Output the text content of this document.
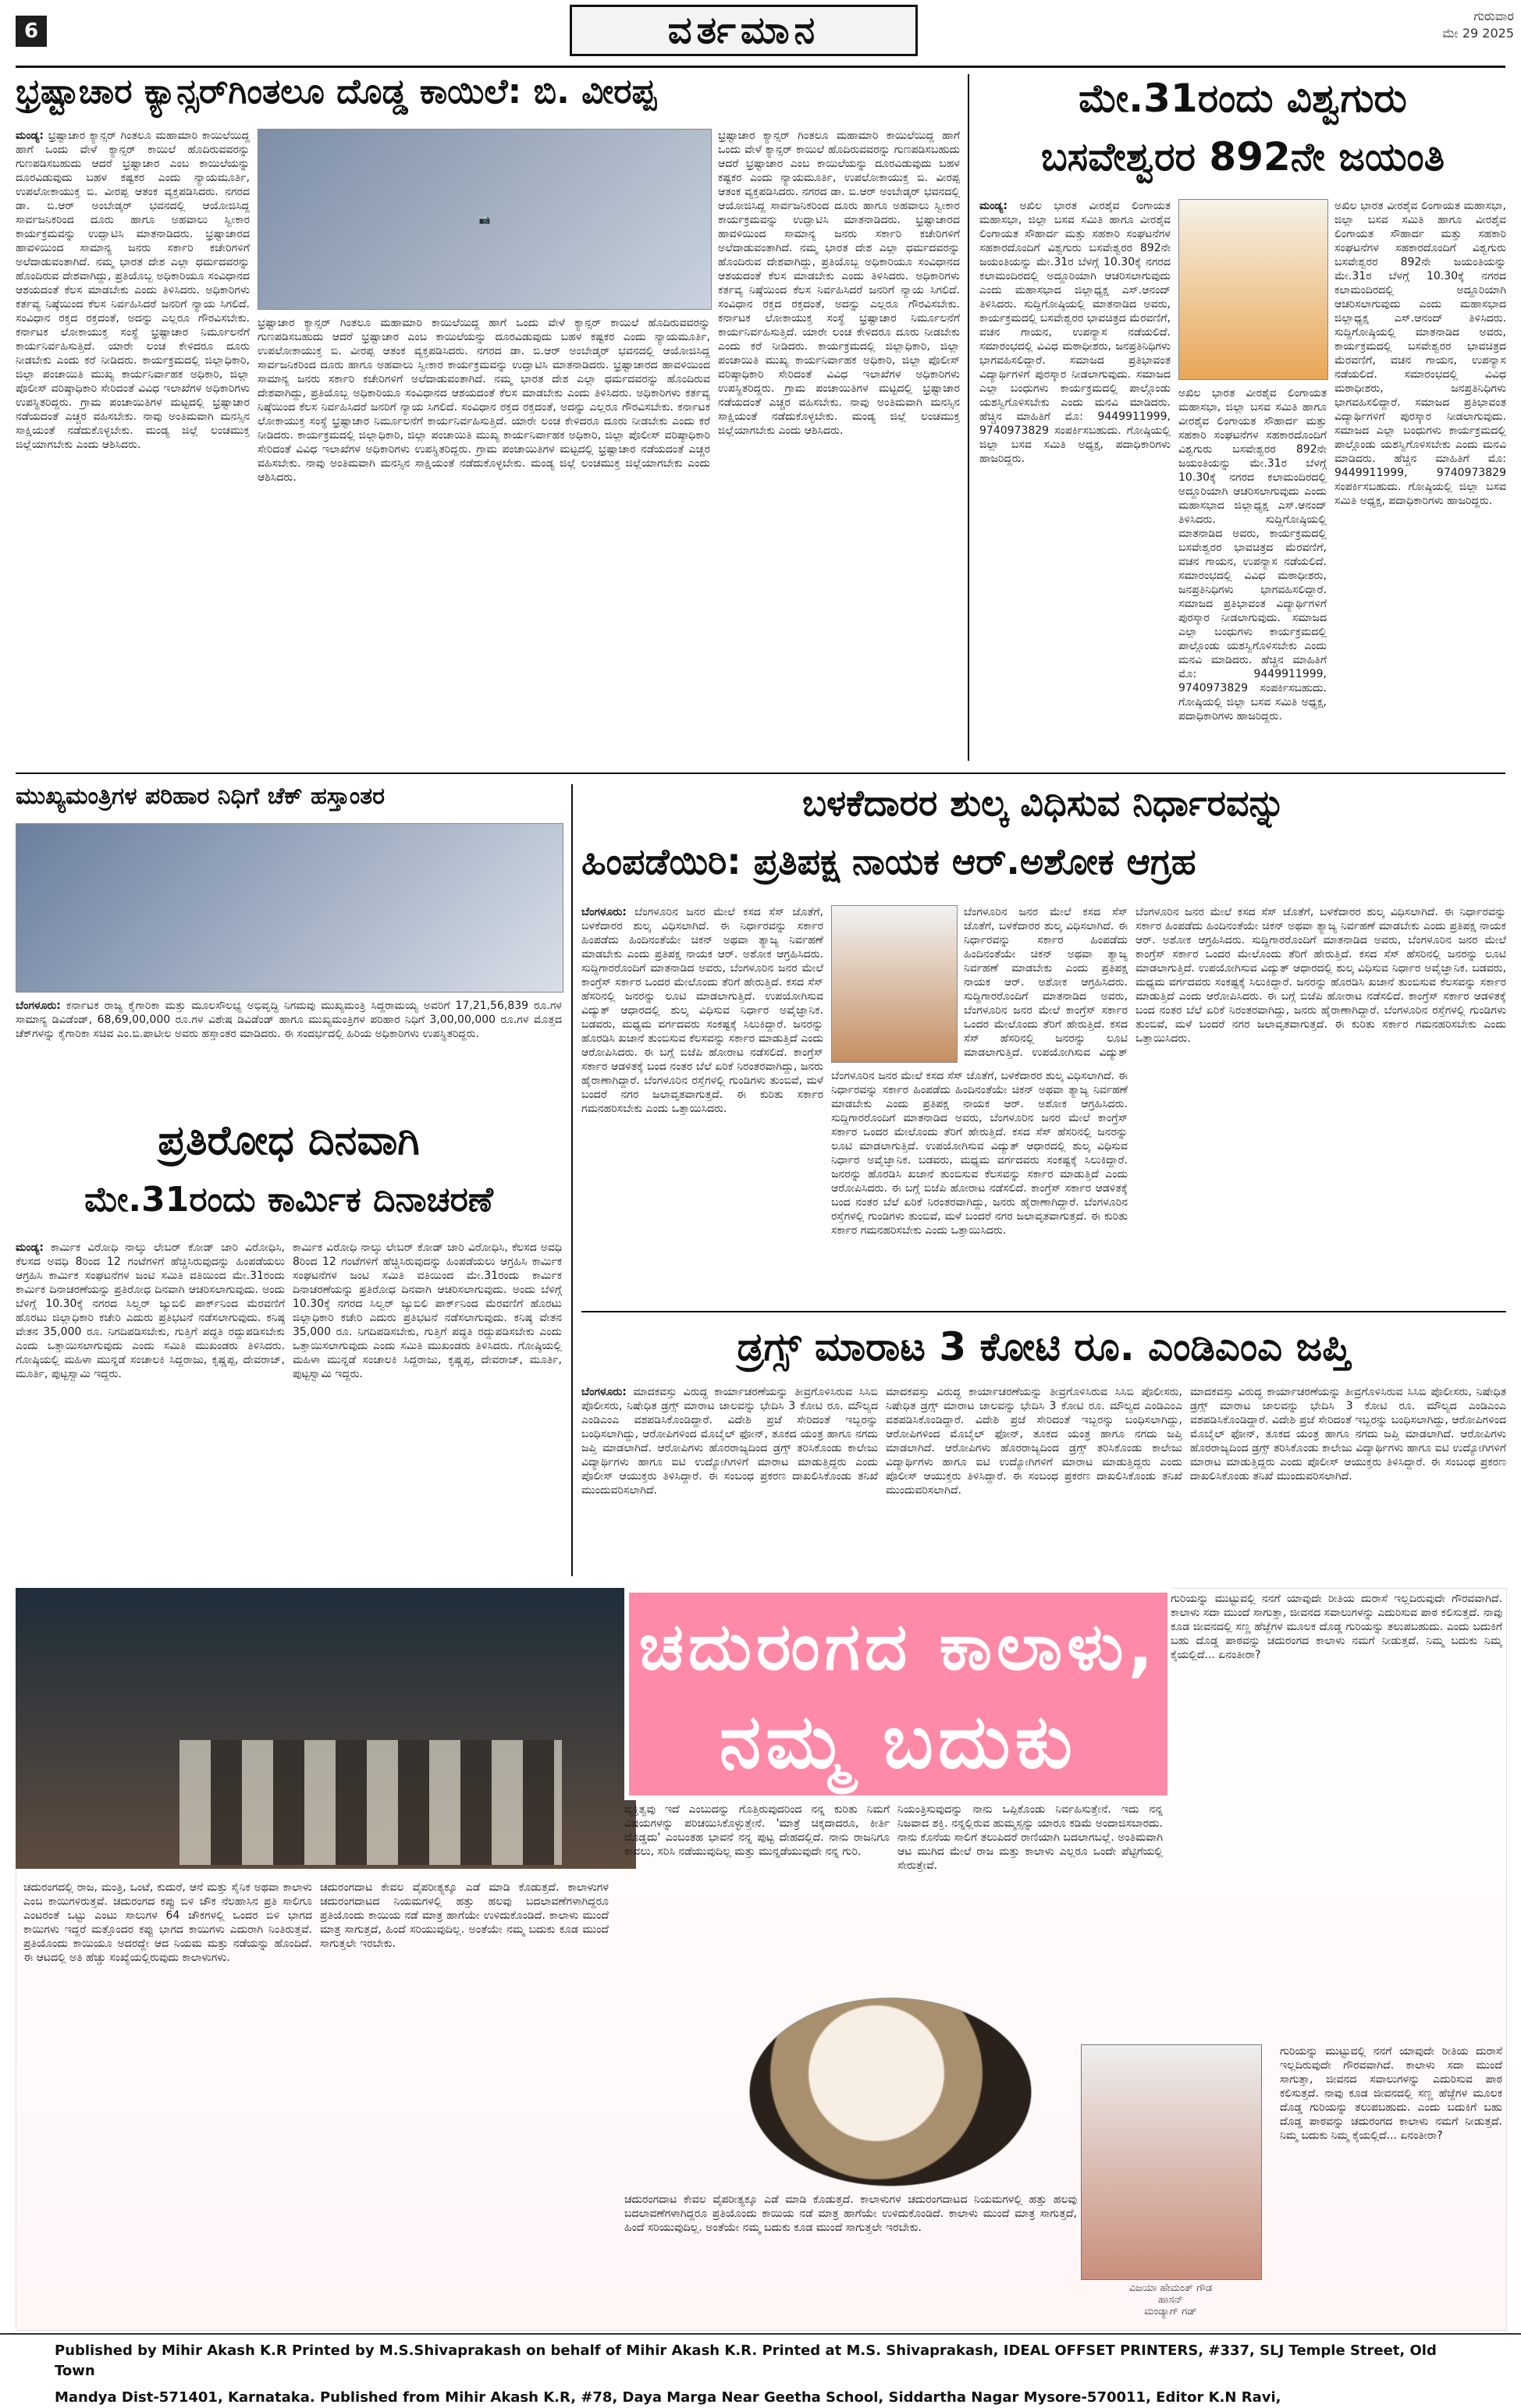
6	ವರ್ತಮಾನ	ಗುರುವಾರ
ಮೇ 29 2025
ಭ್ರಷ್ಟಾಚಾರ ಕ್ಯಾನ್ಸರ್‌ಗಿಂತಲೂ ದೊಡ್ಡ ಕಾಯಿಲೆ: ಬಿ. ವೀರಪ್ಪ
📷
ಮಂಡ್ಯ: ಭ್ರಷ್ಟಾಚಾರ ಕ್ಯಾನ್ಸರ್ ಗಿಂತಲೂ ಮಹಾಮಾರಿ ಕಾಯಿಲೆಯಿದ್ದ ಹಾಗೆ ಒಂದು ವೇಳೆ ಕ್ಯಾನ್ಸರ್ ಕಾಯಿಲೆ ಹೊದಿರುವವರನ್ನು ಗುಣಪಡಿಸಬಹುದು ಆದರೆ ಭ್ರಷ್ಟಾಚಾರ ಎಂಬ ಕಾಯಿಲೆಯನ್ನು ದೂರವಿಡುವುದು ಬಹಳ ಕಷ್ಟಕರ ಎಂದು ನ್ಯಾಯಮೂರ್ತಿ, ಉಪಲೋಕಾಯುಕ್ತ ಬಿ. ವೀರಪ್ಪ ಆತಂಕ ವ್ಯಕ್ತಪಡಿಸಿದರು. ನಗರದ ಡಾ. ಬಿ.ಆರ್ ಅಂಬೇಡ್ಕರ್ ಭವನದಲ್ಲಿ ಆಯೋಜಿಸಿದ್ದ ಸಾರ್ವಜನಿಕರಿಂದ ದೂರು ಹಾಗೂ ಅಹವಾಲು ಸ್ವೀಕಾರ ಕಾರ್ಯಕ್ರಮವನ್ನು ಉದ್ಘಾಟಿಸಿ ಮಾತನಾಡಿದರು. ಭ್ರಷ್ಟಾಚಾರದ ಹಾವಳಿಯಿಂದ ಸಾಮಾನ್ಯ ಜನರು ಸರ್ಕಾರಿ ಕಚೇರಿಗಳಿಗೆ ಅಲೆದಾಡುವಂತಾಗಿದೆ. ನಮ್ಮ ಭಾರತ ದೇಶ ಎಲ್ಲಾ ಧರ್ಮದವರನ್ನು ಹೊಂದಿರುವ ದೇಶವಾಗಿದ್ದು, ಪ್ರತಿಯೊಬ್ಬ ಅಧಿಕಾರಿಯೂ ಸಂವಿಧಾನದ ಆಶಯದಂತೆ ಕೆಲಸ ಮಾಡಬೇಕು ಎಂದು ತಿಳಿಸಿದರು. ಅಧಿಕಾರಿಗಳು ಕರ್ತವ್ಯ ನಿಷ್ಠೆಯಿಂದ ಕೆಲಸ ನಿರ್ವಹಿಸಿದರೆ ಜನರಿಗೆ ನ್ಯಾಯ ಸಿಗಲಿದೆ. ಸಂವಿಧಾನ ರಕ್ತದ ರಕ್ತದಂತೆ, ಅದನ್ನು ಎಲ್ಲರೂ ಗೌರವಿಸಬೇಕು. ಕರ್ನಾಟಕ ಲೋಕಾಯುಕ್ತ ಸಂಸ್ಥೆ ಭ್ರಷ್ಟಾಚಾರ ನಿರ್ಮೂಲನೆಗೆ ಕಾರ್ಯನಿರ್ವಹಿಸುತ್ತಿದೆ. ಯಾರೇ ಲಂಚ ಕೇಳಿದರೂ ದೂರು ನೀಡಬೇಕು ಎಂದು ಕರೆ ನೀಡಿದರು. ಕಾರ್ಯಕ್ರಮದಲ್ಲಿ ಜಿಲ್ಲಾಧಿಕಾರಿ, ಜಿಲ್ಲಾ ಪಂಚಾಯಿತಿ ಮುಖ್ಯ ಕಾರ್ಯನಿರ್ವಾಹಕ ಅಧಿಕಾರಿ, ಜಿಲ್ಲಾ ಪೊಲೀಸ್ ವರಿಷ್ಠಾಧಿಕಾರಿ ಸೇರಿದಂತೆ ವಿವಿಧ ಇಲಾಖೆಗಳ ಅಧಿಕಾರಿಗಳು ಉಪಸ್ಥಿತರಿದ್ದರು. ಗ್ರಾಮ ಪಂಚಾಯಿತಿಗಳ ಮಟ್ಟದಲ್ಲಿ ಭ್ರಷ್ಟಾಚಾರ ನಡೆಯದಂತೆ ಎಚ್ಚರ ವಹಿಸಬೇಕು. ನಾವು ಅಂತಿಮವಾಗಿ ಮನಸ್ಸಿನ ಸಾಕ್ಷಿಯಂತೆ ನಡೆದುಕೊಳ್ಳಬೇಕು. ಮಂಡ್ಯ ಜಿಲ್ಲೆ ಲಂಚಮುಕ್ತ ಜಿಲ್ಲೆಯಾಗಬೇಕು ಎಂದು ಆಶಿಸಿದರು.
ಭ್ರಷ್ಟಾಚಾರ ಕ್ಯಾನ್ಸರ್ ಗಿಂತಲೂ ಮಹಾಮಾರಿ ಕಾಯಿಲೆಯಿದ್ದ ಹಾಗೆ ಒಂದು ವೇಳೆ ಕ್ಯಾನ್ಸರ್ ಕಾಯಿಲೆ ಹೊದಿರುವವರನ್ನು ಗುಣಪಡಿಸಬಹುದು ಆದರೆ ಭ್ರಷ್ಟಾಚಾರ ಎಂಬ ಕಾಯಿಲೆಯನ್ನು ದೂರವಿಡುವುದು ಬಹಳ ಕಷ್ಟಕರ ಎಂದು ನ್ಯಾಯಮೂರ್ತಿ, ಉಪಲೋಕಾಯುಕ್ತ ಬಿ. ವೀರಪ್ಪ ಆತಂಕ ವ್ಯಕ್ತಪಡಿಸಿದರು. ನಗರದ ಡಾ. ಬಿ.ಆರ್ ಅಂಬೇಡ್ಕರ್ ಭವನದಲ್ಲಿ ಆಯೋಜಿಸಿದ್ದ ಸಾರ್ವಜನಿಕರಿಂದ ದೂರು ಹಾಗೂ ಅಹವಾಲು ಸ್ವೀಕಾರ ಕಾರ್ಯಕ್ರಮವನ್ನು ಉದ್ಘಾಟಿಸಿ ಮಾತನಾಡಿದರು. ಭ್ರಷ್ಟಾಚಾರದ ಹಾವಳಿಯಿಂದ ಸಾಮಾನ್ಯ ಜನರು ಸರ್ಕಾರಿ ಕಚೇರಿಗಳಿಗೆ ಅಲೆದಾಡುವಂತಾಗಿದೆ. ನಮ್ಮ ಭಾರತ ದೇಶ ಎಲ್ಲಾ ಧರ್ಮದವರನ್ನು ಹೊಂದಿರುವ ದೇಶವಾಗಿದ್ದು, ಪ್ರತಿಯೊಬ್ಬ ಅಧಿಕಾರಿಯೂ ಸಂವಿಧಾನದ ಆಶಯದಂತೆ ಕೆಲಸ ಮಾಡಬೇಕು ಎಂದು ತಿಳಿಸಿದರು. ಅಧಿಕಾರಿಗಳು ಕರ್ತವ್ಯ ನಿಷ್ಠೆಯಿಂದ ಕೆಲಸ ನಿರ್ವಹಿಸಿದರೆ ಜನರಿಗೆ ನ್ಯಾಯ ಸಿಗಲಿದೆ. ಸಂವಿಧಾನ ರಕ್ತದ ರಕ್ತದಂತೆ, ಅದನ್ನು ಎಲ್ಲರೂ ಗೌರವಿಸಬೇಕು. ಕರ್ನಾಟಕ ಲೋಕಾಯುಕ್ತ ಸಂಸ್ಥೆ ಭ್ರಷ್ಟಾಚಾರ ನಿರ್ಮೂಲನೆಗೆ ಕಾರ್ಯನಿರ್ವಹಿಸುತ್ತಿದೆ. ಯಾರೇ ಲಂಚ ಕೇಳಿದರೂ ದೂರು ನೀಡಬೇಕು ಎಂದು ಕರೆ ನೀಡಿದರು. ಕಾರ್ಯಕ್ರಮದಲ್ಲಿ ಜಿಲ್ಲಾಧಿಕಾರಿ, ಜಿಲ್ಲಾ ಪಂಚಾಯಿತಿ ಮುಖ್ಯ ಕಾರ್ಯನಿರ್ವಾಹಕ ಅಧಿಕಾರಿ, ಜಿಲ್ಲಾ ಪೊಲೀಸ್ ವರಿಷ್ಠಾಧಿಕಾರಿ ಸೇರಿದಂತೆ ವಿವಿಧ ಇಲಾಖೆಗಳ ಅಧಿಕಾರಿಗಳು ಉಪಸ್ಥಿತರಿದ್ದರು. ಗ್ರಾಮ ಪಂಚಾಯಿತಿಗಳ ಮಟ್ಟದಲ್ಲಿ ಭ್ರಷ್ಟಾಚಾರ ನಡೆಯದಂತೆ ಎಚ್ಚರ ವಹಿಸಬೇಕು. ನಾವು ಅಂತಿಮವಾಗಿ ಮನಸ್ಸಿನ ಸಾಕ್ಷಿಯಂತೆ ನಡೆದುಕೊಳ್ಳಬೇಕು. ಮಂಡ್ಯ ಜಿಲ್ಲೆ ಲಂಚಮುಕ್ತ ಜಿಲ್ಲೆಯಾಗಬೇಕು ಎಂದು ಆಶಿಸಿದರು.
ಭ್ರಷ್ಟಾಚಾರ ಕ್ಯಾನ್ಸರ್ ಗಿಂತಲೂ ಮಹಾಮಾರಿ ಕಾಯಿಲೆಯಿದ್ದ ಹಾಗೆ ಒಂದು ವೇಳೆ ಕ್ಯಾನ್ಸರ್ ಕಾಯಿಲೆ ಹೊದಿರುವವರನ್ನು ಗುಣಪಡಿಸಬಹುದು ಆದರೆ ಭ್ರಷ್ಟಾಚಾರ ಎಂಬ ಕಾಯಿಲೆಯನ್ನು ದೂರವಿಡುವುದು ಬಹಳ ಕಷ್ಟಕರ ಎಂದು ನ್ಯಾಯಮೂರ್ತಿ, ಉಪಲೋಕಾಯುಕ್ತ ಬಿ. ವೀರಪ್ಪ ಆತಂಕ ವ್ಯಕ್ತಪಡಿಸಿದರು. ನಗರದ ಡಾ. ಬಿ.ಆರ್ ಅಂಬೇಡ್ಕರ್ ಭವನದಲ್ಲಿ ಆಯೋಜಿಸಿದ್ದ ಸಾರ್ವಜನಿಕರಿಂದ ದೂರು ಹಾಗೂ ಅಹವಾಲು ಸ್ವೀಕಾರ ಕಾರ್ಯಕ್ರಮವನ್ನು ಉದ್ಘಾಟಿಸಿ ಮಾತನಾಡಿದರು. ಭ್ರಷ್ಟಾಚಾರದ ಹಾವಳಿಯಿಂದ ಸಾಮಾನ್ಯ ಜನರು ಸರ್ಕಾರಿ ಕಚೇರಿಗಳಿಗೆ ಅಲೆದಾಡುವಂತಾಗಿದೆ. ನಮ್ಮ ಭಾರತ ದೇಶ ಎಲ್ಲಾ ಧರ್ಮದವರನ್ನು ಹೊಂದಿರುವ ದೇಶವಾಗಿದ್ದು, ಪ್ರತಿಯೊಬ್ಬ ಅಧಿಕಾರಿಯೂ ಸಂವಿಧಾನದ ಆಶಯದಂತೆ ಕೆಲಸ ಮಾಡಬೇಕು ಎಂದು ತಿಳಿಸಿದರು. ಅಧಿಕಾರಿಗಳು ಕರ್ತವ್ಯ ನಿಷ್ಠೆಯಿಂದ ಕೆಲಸ ನಿರ್ವಹಿಸಿದರೆ ಜನರಿಗೆ ನ್ಯಾಯ ಸಿಗಲಿದೆ. ಸಂವಿಧಾನ ರಕ್ತದ ರಕ್ತದಂತೆ, ಅದನ್ನು ಎಲ್ಲರೂ ಗೌರವಿಸಬೇಕು. ಕರ್ನಾಟಕ ಲೋಕಾಯುಕ್ತ ಸಂಸ್ಥೆ ಭ್ರಷ್ಟಾಚಾರ ನಿರ್ಮೂಲನೆಗೆ ಕಾರ್ಯನಿರ್ವಹಿಸುತ್ತಿದೆ. ಯಾರೇ ಲಂಚ ಕೇಳಿದರೂ ದೂರು ನೀಡಬೇಕು ಎಂದು ಕರೆ ನೀಡಿದರು. ಕಾರ್ಯಕ್ರಮದಲ್ಲಿ ಜಿಲ್ಲಾಧಿಕಾರಿ, ಜಿಲ್ಲಾ ಪಂಚಾಯಿತಿ ಮುಖ್ಯ ಕಾರ್ಯನಿರ್ವಾಹಕ ಅಧಿಕಾರಿ, ಜಿಲ್ಲಾ ಪೊಲೀಸ್ ವರಿಷ್ಠಾಧಿಕಾರಿ ಸೇರಿದಂತೆ ವಿವಿಧ ಇಲಾಖೆಗಳ ಅಧಿಕಾರಿಗಳು ಉಪಸ್ಥಿತರಿದ್ದರು. ಗ್ರಾಮ ಪಂಚಾಯಿತಿಗಳ ಮಟ್ಟದಲ್ಲಿ ಭ್ರಷ್ಟಾಚಾರ ನಡೆಯದಂತೆ ಎಚ್ಚರ ವಹಿಸಬೇಕು. ನಾವು ಅಂತಿಮವಾಗಿ ಮನಸ್ಸಿನ ಸಾಕ್ಷಿಯಂತೆ ನಡೆದುಕೊಳ್ಳಬೇಕು. ಮಂಡ್ಯ ಜಿಲ್ಲೆ ಲಂಚಮುಕ್ತ ಜಿಲ್ಲೆಯಾಗಬೇಕು ಎಂದು ಆಶಿಸಿದರು.
ಮೇ.31ರಂದು ವಿಶ್ವಗುರು
ಬಸವೇಶ್ವರರ 892ನೇ ಜಯಂತಿ
ಮಂಡ್ಯ: ಅಖಿಲ ಭಾರತ ವೀರಶೈವ ಲಿಂಗಾಯತ ಮಹಾಸಭಾ, ಜಿಲ್ಲಾ ಬಸವ ಸಮಿತಿ ಹಾಗೂ ವೀರಶೈವ ಲಿಂಗಾಯತ ಸೌಹಾರ್ದ ಮತ್ತು ಸಹಕಾರಿ ಸಂಘಟನೆಗಳ ಸಹಕಾರದೊಂದಿಗೆ ವಿಶ್ವಗುರು ಬಸವೇಶ್ವರರ 892ನೇ ಜಯಂತಿಯನ್ನು ಮೇ.31ರ ಬೆಳಗ್ಗೆ 10.30ಕ್ಕೆ ನಗರದ ಕಲಾಮಂದಿರದಲ್ಲಿ ಅದ್ದೂರಿಯಾಗಿ ಆಚರಿಸಲಾಗುವುದು ಎಂದು ಮಹಾಸಭಾದ ಜಿಲ್ಲಾಧ್ಯಕ್ಷ ಎಸ್.ಆನಂದ್ ತಿಳಿಸಿದರು. ಸುದ್ದಿಗೋಷ್ಠಿಯಲ್ಲಿ ಮಾತನಾಡಿದ ಅವರು, ಕಾರ್ಯಕ್ರಮದಲ್ಲಿ ಬಸವೇಶ್ವರರ ಭಾವಚಿತ್ರದ ಮೆರವಣಿಗೆ, ವಚನ ಗಾಯನ, ಉಪನ್ಯಾಸ ನಡೆಯಲಿದೆ. ಸಮಾರಂಭದಲ್ಲಿ ವಿವಿಧ ಮಠಾಧೀಶರು, ಜನಪ್ರತಿನಿಧಿಗಳು ಭಾಗವಹಿಸಲಿದ್ದಾರೆ. ಸಮಾಜದ ಪ್ರತಿಭಾವಂತ ವಿದ್ಯಾರ್ಥಿಗಳಿಗೆ ಪುರಸ್ಕಾರ ನೀಡಲಾಗುವುದು. ಸಮಾಜದ ಎಲ್ಲಾ ಬಂಧುಗಳು ಕಾರ್ಯಕ್ರಮದಲ್ಲಿ ಪಾಲ್ಗೊಂಡು ಯಶಸ್ವಿಗೊಳಿಸಬೇಕು ಎಂದು ಮನವಿ ಮಾಡಿದರು. ಹೆಚ್ಚಿನ ಮಾಹಿತಿಗೆ ಮೊ: 9449911999, 9740973829 ಸಂಪರ್ಕಿಸಬಹುದು. ಗೋಷ್ಠಿಯಲ್ಲಿ ಜಿಲ್ಲಾ ಬಸವ ಸಮಿತಿ ಅಧ್ಯಕ್ಷ, ಪದಾಧಿಕಾರಿಗಳು ಹಾಜರಿದ್ದರು.
ಅಖಿಲ ಭಾರತ ವೀರಶೈವ ಲಿಂಗಾಯತ ಮಹಾಸಭಾ, ಜಿಲ್ಲಾ ಬಸವ ಸಮಿತಿ ಹಾಗೂ ವೀರಶೈವ ಲಿಂಗಾಯತ ಸೌಹಾರ್ದ ಮತ್ತು ಸಹಕಾರಿ ಸಂಘಟನೆಗಳ ಸಹಕಾರದೊಂದಿಗೆ ವಿಶ್ವಗುರು ಬಸವೇಶ್ವರರ 892ನೇ ಜಯಂತಿಯನ್ನು ಮೇ.31ರ ಬೆಳಗ್ಗೆ 10.30ಕ್ಕೆ ನಗರದ ಕಲಾಮಂದಿರದಲ್ಲಿ ಅದ್ದೂರಿಯಾಗಿ ಆಚರಿಸಲಾಗುವುದು ಎಂದು ಮಹಾಸಭಾದ ಜಿಲ್ಲಾಧ್ಯಕ್ಷ ಎಸ್.ಆನಂದ್ ತಿಳಿಸಿದರು. ಸುದ್ದಿಗೋಷ್ಠಿಯಲ್ಲಿ ಮಾತನಾಡಿದ ಅವರು, ಕಾರ್ಯಕ್ರಮದಲ್ಲಿ ಬಸವೇಶ್ವರರ ಭಾವಚಿತ್ರದ ಮೆರವಣಿಗೆ, ವಚನ ಗಾಯನ, ಉಪನ್ಯಾಸ ನಡೆಯಲಿದೆ. ಸಮಾರಂಭದಲ್ಲಿ ವಿವಿಧ ಮಠಾಧೀಶರು, ಜನಪ್ರತಿನಿಧಿಗಳು ಭಾಗವಹಿಸಲಿದ್ದಾರೆ. ಸಮಾಜದ ಪ್ರತಿಭಾವಂತ ವಿದ್ಯಾರ್ಥಿಗಳಿಗೆ ಪುರಸ್ಕಾರ ನೀಡಲಾಗುವುದು. ಸಮಾಜದ ಎಲ್ಲಾ ಬಂಧುಗಳು ಕಾರ್ಯಕ್ರಮದಲ್ಲಿ ಪಾಲ್ಗೊಂಡು ಯಶಸ್ವಿಗೊಳಿಸಬೇಕು ಎಂದು ಮನವಿ ಮಾಡಿದರು. ಹೆಚ್ಚಿನ ಮಾಹಿತಿಗೆ ಮೊ: 9449911999, 9740973829 ಸಂಪರ್ಕಿಸಬಹುದು. ಗೋಷ್ಠಿಯಲ್ಲಿ ಜಿಲ್ಲಾ ಬಸವ ಸಮಿತಿ ಅಧ್ಯಕ್ಷ, ಪದಾಧಿಕಾರಿಗಳು ಹಾಜರಿದ್ದರು.
ಅಖಿಲ ಭಾರತ ವೀರಶೈವ ಲಿಂಗಾಯತ ಮಹಾಸಭಾ, ಜಿಲ್ಲಾ ಬಸವ ಸಮಿತಿ ಹಾಗೂ ವೀರಶೈವ ಲಿಂಗಾಯತ ಸೌಹಾರ್ದ ಮತ್ತು ಸಹಕಾರಿ ಸಂಘಟನೆಗಳ ಸಹಕಾರದೊಂದಿಗೆ ವಿಶ್ವಗುರು ಬಸವೇಶ್ವರರ 892ನೇ ಜಯಂತಿಯನ್ನು ಮೇ.31ರ ಬೆಳಗ್ಗೆ 10.30ಕ್ಕೆ ನಗರದ ಕಲಾಮಂದಿರದಲ್ಲಿ ಅದ್ದೂರಿಯಾಗಿ ಆಚರಿಸಲಾಗುವುದು ಎಂದು ಮಹಾಸಭಾದ ಜಿಲ್ಲಾಧ್ಯಕ್ಷ ಎಸ್.ಆನಂದ್ ತಿಳಿಸಿದರು. ಸುದ್ದಿಗೋಷ್ಠಿಯಲ್ಲಿ ಮಾತನಾಡಿದ ಅವರು, ಕಾರ್ಯಕ್ರಮದಲ್ಲಿ ಬಸವೇಶ್ವರರ ಭಾವಚಿತ್ರದ ಮೆರವಣಿಗೆ, ವಚನ ಗಾಯನ, ಉಪನ್ಯಾಸ ನಡೆಯಲಿದೆ. ಸಮಾರಂಭದಲ್ಲಿ ವಿವಿಧ ಮಠಾಧೀಶರು, ಜನಪ್ರತಿನಿಧಿಗಳು ಭಾಗವಹಿಸಲಿದ್ದಾರೆ. ಸಮಾಜದ ಪ್ರತಿಭಾವಂತ ವಿದ್ಯಾರ್ಥಿಗಳಿಗೆ ಪುರಸ್ಕಾರ ನೀಡಲಾಗುವುದು. ಸಮಾಜದ ಎಲ್ಲಾ ಬಂಧುಗಳು ಕಾರ್ಯಕ್ರಮದಲ್ಲಿ ಪಾಲ್ಗೊಂಡು ಯಶಸ್ವಿಗೊಳಿಸಬೇಕು ಎಂದು ಮನವಿ ಮಾಡಿದರು. ಹೆಚ್ಚಿನ ಮಾಹಿತಿಗೆ ಮೊ: 9449911999, 9740973829 ಸಂಪರ್ಕಿಸಬಹುದು. ಗೋಷ್ಠಿಯಲ್ಲಿ ಜಿಲ್ಲಾ ಬಸವ ಸಮಿತಿ ಅಧ್ಯಕ್ಷ, ಪದಾಧಿಕಾರಿಗಳು ಹಾಜರಿದ್ದರು.
ಮುಖ್ಯಮಂತ್ರಿಗಳ ಪರಿಹಾರ ನಿಧಿಗೆ ಚೆಕ್ ಹಸ್ತಾಂತರ
ಬೆಂಗಳೂರು: ಕರ್ನಾಟಕ ರಾಜ್ಯ ಕೈಗಾರಿಕಾ ಮತ್ತು ಮೂಲಸೌಲಭ್ಯ ಅಭಿವೃದ್ಧಿ ನಿಗಮವು ಮುಖ್ಯಮಂತ್ರಿ ಸಿದ್ದರಾಮಯ್ಯ ಅವರಿಗೆ 17,21,56,839 ರೂ.ಗಳ ಸಾಮಾನ್ಯ ಡಿವಿಡೆಂಡ್, 68,69,00,000 ರೂ.ಗಳ ವಿಶೇಷ ಡಿವಿಡೆಂಡ್ ಹಾಗೂ ಮುಖ್ಯಮಂತ್ರಿಗಳ ಪರಿಹಾರ ನಿಧಿಗೆ 3,00,00,000 ರೂ.ಗಳ ಮೊತ್ತದ ಚೆಕ್‌ಗಳನ್ನು ಕೈಗಾರಿಕಾ ಸಚಿವ ಎಂ.ಬಿ.ಪಾಟೀಲ ಅವರು ಹಸ್ತಾಂತರ ಮಾಡಿದರು. ಈ ಸಂದರ್ಭದಲ್ಲಿ ಹಿರಿಯ ಅಧಿಕಾರಿಗಳು ಉಪಸ್ಥಿತರಿದ್ದರು.
ಪ್ರತಿರೋಧ ದಿನವಾಗಿ
ಮೇ.31ರಂದು ಕಾರ್ಮಿಕ ದಿನಾಚರಣೆ
ಮಂಡ್ಯ: ಕಾರ್ಮಿಕ ವಿರೋಧಿ ನಾಲ್ಕು ಲೇಬರ್ ಕೋಡ್ ಜಾರಿ ವಿರೋಧಿಸಿ, ಕೆಲಸದ ಅವಧಿ 8ರಿಂದ 12 ಗಂಟೆಗಳಿಗೆ ಹೆಚ್ಚಿಸಿರುವುದನ್ನು ಹಿಂಪಡೆಯಲು ಆಗ್ರಹಿಸಿ ಕಾರ್ಮಿಕ ಸಂಘಟನೆಗಳ ಜಂಟಿ ಸಮಿತಿ ವತಿಯಿಂದ ಮೇ.31ರಂದು ಕಾರ್ಮಿಕ ದಿನಾಚರಣೆಯನ್ನು ಪ್ರತಿರೋಧ ದಿನವಾಗಿ ಆಚರಿಸಲಾಗುವುದು. ಅಂದು ಬೆಳಿಗ್ಗೆ 10.30ಕ್ಕೆ ನಗರದ ಸಿಲ್ವರ್ ಜ್ಯುಬಿಲಿ ಪಾರ್ಕ್‌ನಿಂದ ಮೆರವಣಿಗೆ ಹೊರಟು ಜಿಲ್ಲಾಧಿಕಾರಿ ಕಚೇರಿ ಎದುರು ಪ್ರತಿಭಟನೆ ನಡೆಸಲಾಗುವುದು. ಕನಿಷ್ಠ ವೇತನ 35,000 ರೂ. ನಿಗದಿಪಡಿಸಬೇಕು, ಗುತ್ತಿಗೆ ಪದ್ಧತಿ ರದ್ದುಪಡಿಸಬೇಕು ಎಂದು ಒತ್ತಾಯಿಸಲಾಗುವುದು ಎಂದು ಸಮಿತಿ ಮುಖಂಡರು ತಿಳಿಸಿದರು. ಗೋಷ್ಠಿಯಲ್ಲಿ ಮಹಿಳಾ ಮುನ್ನಡೆ ಸಂಚಾಲಕಿ ಸಿದ್ದರಾಜು, ಕೃಷ್ಣಪ್ಪ, ದೇವರಾಜ್, ಮೂರ್ತಿ, ಪುಟ್ಟಸ್ವಾಮಿ ಇದ್ದರು.
ಕಾರ್ಮಿಕ ವಿರೋಧಿ ನಾಲ್ಕು ಲೇಬರ್ ಕೋಡ್ ಜಾರಿ ವಿರೋಧಿಸಿ, ಕೆಲಸದ ಅವಧಿ 8ರಿಂದ 12 ಗಂಟೆಗಳಿಗೆ ಹೆಚ್ಚಿಸಿರುವುದನ್ನು ಹಿಂಪಡೆಯಲು ಆಗ್ರಹಿಸಿ ಕಾರ್ಮಿಕ ಸಂಘಟನೆಗಳ ಜಂಟಿ ಸಮಿತಿ ವತಿಯಿಂದ ಮೇ.31ರಂದು ಕಾರ್ಮಿಕ ದಿನಾಚರಣೆಯನ್ನು ಪ್ರತಿರೋಧ ದಿನವಾಗಿ ಆಚರಿಸಲಾಗುವುದು. ಅಂದು ಬೆಳಿಗ್ಗೆ 10.30ಕ್ಕೆ ನಗರದ ಸಿಲ್ವರ್ ಜ್ಯುಬಿಲಿ ಪಾರ್ಕ್‌ನಿಂದ ಮೆರವಣಿಗೆ ಹೊರಟು ಜಿಲ್ಲಾಧಿಕಾರಿ ಕಚೇರಿ ಎದುರು ಪ್ರತಿಭಟನೆ ನಡೆಸಲಾಗುವುದು. ಕನಿಷ್ಠ ವೇತನ 35,000 ರೂ. ನಿಗದಿಪಡಿಸಬೇಕು, ಗುತ್ತಿಗೆ ಪದ್ಧತಿ ರದ್ದುಪಡಿಸಬೇಕು ಎಂದು ಒತ್ತಾಯಿಸಲಾಗುವುದು ಎಂದು ಸಮಿತಿ ಮುಖಂಡರು ತಿಳಿಸಿದರು. ಗೋಷ್ಠಿಯಲ್ಲಿ ಮಹಿಳಾ ಮುನ್ನಡೆ ಸಂಚಾಲಕಿ ಸಿದ್ದರಾಜು, ಕೃಷ್ಣಪ್ಪ, ದೇವರಾಜ್, ಮೂರ್ತಿ, ಪುಟ್ಟಸ್ವಾಮಿ ಇದ್ದರು.
ಬಳಕೆದಾರರ ಶುಲ್ಕ ವಿಧಿಸುವ ನಿರ್ಧಾರವನ್ನು
ಹಿಂಪಡೆಯಿರಿ: ಪ್ರತಿಪಕ್ಷ ನಾಯಕ ಆರ್.ಅಶೋಕ ಆಗ್ರಹ
ಬೆಂಗಳೂರು: ಬೆಂಗಳೂರಿನ ಜನರ ಮೇಲೆ ಕಸದ ಸೆಸ್ ಜೊತೆಗೆ, ಬಳಕೆದಾರರ ಶುಲ್ಕ ವಿಧಿಸಲಾಗಿದೆ. ಈ ನಿರ್ಧಾರವನ್ನು ಸರ್ಕಾರ ಹಿಂಪಡೆದು ಹಿಂದಿನಂತೆಯೇ ಚಿಕನ್ ಅಥವಾ ತ್ಯಾಜ್ಯ ನಿರ್ವಹಣೆ ಮಾಡಬೇಕು ಎಂದು ಪ್ರತಿಪಕ್ಷ ನಾಯಕ ಆರ್. ಅಶೋಕ ಆಗ್ರಹಿಸಿದರು. ಸುದ್ದಿಗಾರರೊಂದಿಗೆ ಮಾತನಾಡಿದ ಅವರು, ಬೆಂಗಳೂರಿನ ಜನರ ಮೇಲೆ ಕಾಂಗ್ರೆಸ್ ಸರ್ಕಾರ ಒಂದರ ಮೇಲೊಂದು ತೆರಿಗೆ ಹೇರುತ್ತಿದೆ. ಕಸದ ಸೆಸ್ ಹೆಸರಿನಲ್ಲಿ ಜನರನ್ನು ಲೂಟಿ ಮಾಡಲಾಗುತ್ತಿದೆ. ಉಪಯೋಗಿಸುವ ವಿದ್ಯುತ್ ಆಧಾರದಲ್ಲಿ ಶುಲ್ಕ ವಿಧಿಸುವ ನಿರ್ಧಾರ ಅವೈಜ್ಞಾನಿಕ. ಬಡವರು, ಮಧ್ಯಮ ವರ್ಗದವರು ಸಂಕಷ್ಟಕ್ಕೆ ಸಿಲುಕಿದ್ದಾರೆ. ಜನರನ್ನು ಹೊರಡಿಸಿ ಖಜಾನೆ ತುಂಬಿಸುವ ಕೆಲಸವನ್ನು ಸರ್ಕಾರ ಮಾಡುತ್ತಿದೆ ಎಂದು ಆರೋಪಿಸಿದರು. ಈ ಬಗ್ಗೆ ಬಿಜೆಪಿ ಹೋರಾಟ ನಡೆಸಲಿದೆ. ಕಾಂಗ್ರೆಸ್ ಸರ್ಕಾರ ಆಡಳಿತಕ್ಕೆ ಬಂದ ನಂತರ ಬೆಲೆ ಏರಿಕೆ ನಿರಂತರವಾಗಿದ್ದು, ಜನರು ಹೈರಾಣಾಗಿದ್ದಾರೆ. ಬೆಂಗಳೂರಿನ ರಸ್ತೆಗಳಲ್ಲಿ ಗುಂಡಿಗಳು ತುಂಬಿವೆ, ಮಳೆ ಬಂದರೆ ನಗರ ಜಲಾವೃತವಾಗುತ್ತದೆ. ಈ ಕುರಿತು ಸರ್ಕಾರ ಗಮನಹರಿಸಬೇಕು ಎಂದು ಒತ್ತಾಯಿಸಿದರು.
ಬೆಂಗಳೂರಿನ ಜನರ ಮೇಲೆ ಕಸದ ಸೆಸ್ ಜೊತೆಗೆ, ಬಳಕೆದಾರರ ಶುಲ್ಕ ವಿಧಿಸಲಾಗಿದೆ. ಈ ನಿರ್ಧಾರವನ್ನು ಸರ್ಕಾರ ಹಿಂಪಡೆದು ಹಿಂದಿನಂತೆಯೇ ಚಿಕನ್ ಅಥವಾ ತ್ಯಾಜ್ಯ ನಿರ್ವಹಣೆ ಮಾಡಬೇಕು ಎಂದು ಪ್ರತಿಪಕ್ಷ ನಾಯಕ ಆರ್. ಅಶೋಕ ಆಗ್ರಹಿಸಿದರು. ಸುದ್ದಿಗಾರರೊಂದಿಗೆ ಮಾತನಾಡಿದ ಅವರು, ಬೆಂಗಳೂರಿನ ಜನರ ಮೇಲೆ ಕಾಂಗ್ರೆಸ್ ಸರ್ಕಾರ ಒಂದರ ಮೇಲೊಂದು ತೆರಿಗೆ ಹೇರುತ್ತಿದೆ. ಕಸದ ಸೆಸ್ ಹೆಸರಿನಲ್ಲಿ ಜನರನ್ನು ಲೂಟಿ ಮಾಡಲಾಗುತ್ತಿದೆ. ಉಪಯೋಗಿಸುವ ವಿದ್ಯುತ್ ಆಧಾರದಲ್ಲಿ ಶುಲ್ಕ ವಿಧಿಸುವ ನಿರ್ಧಾರ ಅವೈಜ್ಞಾನಿಕ. ಬಡವರು, ಮಧ್ಯಮ ವರ್ಗದವರು ಸಂಕಷ್ಟಕ್ಕೆ ಸಿಲುಕಿದ್ದಾರೆ. ಜನರನ್ನು ಹೊರಡಿಸಿ ಖಜಾನೆ ತುಂಬಿಸುವ ಕೆಲಸವನ್ನು ಸರ್ಕಾರ ಮಾಡುತ್ತಿದೆ ಎಂದು ಆರೋಪಿಸಿದರು. ಈ ಬಗ್ಗೆ ಬಿಜೆಪಿ ಹೋರಾಟ ನಡೆಸಲಿದೆ. ಕಾಂಗ್ರೆಸ್ ಸರ್ಕಾರ ಆಡಳಿತಕ್ಕೆ ಬಂದ ನಂತರ ಬೆಲೆ ಏರಿಕೆ ನಿರಂತರವಾಗಿದ್ದು, ಜನರು ಹೈರಾಣಾಗಿದ್ದಾರೆ. ಬೆಂಗಳೂರಿನ ರಸ್ತೆಗಳಲ್ಲಿ ಗುಂಡಿಗಳು ತುಂಬಿವೆ, ಮಳೆ ಬಂದರೆ ನಗರ ಜಲಾವೃತವಾಗುತ್ತದೆ. ಈ ಕುರಿತು ಸರ್ಕಾರ ಗಮನಹರಿಸಬೇಕು ಎಂದು ಒತ್ತಾಯಿಸಿದರು.
ಬೆಂಗಳೂರಿನ ಜನರ ಮೇಲೆ ಕಸದ ಸೆಸ್ ಜೊತೆಗೆ, ಬಳಕೆದಾರರ ಶುಲ್ಕ ವಿಧಿಸಲಾಗಿದೆ. ಈ ನಿರ್ಧಾರವನ್ನು ಸರ್ಕಾರ ಹಿಂಪಡೆದು ಹಿಂದಿನಂತೆಯೇ ಚಿಕನ್ ಅಥವಾ ತ್ಯಾಜ್ಯ ನಿರ್ವಹಣೆ ಮಾಡಬೇಕು ಎಂದು ಪ್ರತಿಪಕ್ಷ ನಾಯಕ ಆರ್. ಅಶೋಕ ಆಗ್ರಹಿಸಿದರು. ಸುದ್ದಿಗಾರರೊಂದಿಗೆ ಮಾತನಾಡಿದ ಅವರು, ಬೆಂಗಳೂರಿನ ಜನರ ಮೇಲೆ ಕಾಂಗ್ರೆಸ್ ಸರ್ಕಾರ ಒಂದರ ಮೇಲೊಂದು ತೆರಿಗೆ ಹೇರುತ್ತಿದೆ. ಕಸದ ಸೆಸ್ ಹೆಸರಿನಲ್ಲಿ ಜನರನ್ನು ಲೂಟಿ ಮಾಡಲಾಗುತ್ತಿದೆ. ಉಪಯೋಗಿಸುವ ವಿದ್ಯುತ್
ಬೆಂಗಳೂರಿನ ಜನರ ಮೇಲೆ ಕಸದ ಸೆಸ್ ಜೊತೆಗೆ, ಬಳಕೆದಾರರ ಶುಲ್ಕ ವಿಧಿಸಲಾಗಿದೆ. ಈ ನಿರ್ಧಾರವನ್ನು ಸರ್ಕಾರ ಹಿಂಪಡೆದು ಹಿಂದಿನಂತೆಯೇ ಚಿಕನ್ ಅಥವಾ ತ್ಯಾಜ್ಯ ನಿರ್ವಹಣೆ ಮಾಡಬೇಕು ಎಂದು ಪ್ರತಿಪಕ್ಷ ನಾಯಕ ಆರ್. ಅಶೋಕ ಆಗ್ರಹಿಸಿದರು. ಸುದ್ದಿಗಾರರೊಂದಿಗೆ ಮಾತನಾಡಿದ ಅವರು, ಬೆಂಗಳೂರಿನ ಜನರ ಮೇಲೆ ಕಾಂಗ್ರೆಸ್ ಸರ್ಕಾರ ಒಂದರ ಮೇಲೊಂದು ತೆರಿಗೆ ಹೇರುತ್ತಿದೆ. ಕಸದ ಸೆಸ್ ಹೆಸರಿನಲ್ಲಿ ಜನರನ್ನು ಲೂಟಿ ಮಾಡಲಾಗುತ್ತಿದೆ. ಉಪಯೋಗಿಸುವ ವಿದ್ಯುತ್ ಆಧಾರದಲ್ಲಿ ಶುಲ್ಕ ವಿಧಿಸುವ ನಿರ್ಧಾರ ಅವೈಜ್ಞಾನಿಕ. ಬಡವರು, ಮಧ್ಯಮ ವರ್ಗದವರು ಸಂಕಷ್ಟಕ್ಕೆ ಸಿಲುಕಿದ್ದಾರೆ. ಜನರನ್ನು ಹೊರಡಿಸಿ ಖಜಾನೆ ತುಂಬಿಸುವ ಕೆಲಸವನ್ನು ಸರ್ಕಾರ ಮಾಡುತ್ತಿದೆ ಎಂದು ಆರೋಪಿಸಿದರು. ಈ ಬಗ್ಗೆ ಬಿಜೆಪಿ ಹೋರಾಟ ನಡೆಸಲಿದೆ. ಕಾಂಗ್ರೆಸ್ ಸರ್ಕಾರ ಆಡಳಿತಕ್ಕೆ ಬಂದ ನಂತರ ಬೆಲೆ ಏರಿಕೆ ನಿರಂತರವಾಗಿದ್ದು, ಜನರು ಹೈರಾಣಾಗಿದ್ದಾರೆ. ಬೆಂಗಳೂರಿನ ರಸ್ತೆಗಳಲ್ಲಿ ಗುಂಡಿಗಳು ತುಂಬಿವೆ, ಮಳೆ ಬಂದರೆ ನಗರ ಜಲಾವೃತವಾಗುತ್ತದೆ. ಈ ಕುರಿತು ಸರ್ಕಾರ ಗಮನಹರಿಸಬೇಕು ಎಂದು ಒತ್ತಾಯಿಸಿದರು.
ಡ್ರಗ್ಸ್ ಮಾರಾಟ 3 ಕೋಟಿ ರೂ. ಎಂಡಿಎಂಎ ಜಪ್ತಿ
ಬೆಂಗಳೂರು: ಮಾದಕವಸ್ತು ವಿರುದ್ಧ ಕಾರ್ಯಾಚರಣೆಯನ್ನು ತೀವ್ರಗೊಳಿಸಿರುವ ಸಿಸಿಬಿ ಪೊಲೀಸರು, ನಿಷೇಧಿತ ಡ್ರಗ್ಸ್ ಮಾರಾಟ ಜಾಲವನ್ನು ಭೇದಿಸಿ 3 ಕೋಟಿ ರೂ. ಮೌಲ್ಯದ ಎಂಡಿಎಂಎ ವಶಪಡಿಸಿಕೊಂಡಿದ್ದಾರೆ. ವಿದೇಶಿ ಪ್ರಜೆ ಸೇರಿದಂತೆ ಇಬ್ಬರನ್ನು ಬಂಧಿಸಲಾಗಿದ್ದು, ಆರೋಪಿಗಳಿಂದ ಮೊಬೈಲ್ ಫೋನ್, ತೂಕದ ಯಂತ್ರ ಹಾಗೂ ನಗದು ಜಪ್ತಿ ಮಾಡಲಾಗಿದೆ. ಆರೋಪಿಗಳು ಹೊರರಾಜ್ಯದಿಂದ ಡ್ರಗ್ಸ್ ತರಿಸಿಕೊಂಡು ಕಾಲೇಜು ವಿದ್ಯಾರ್ಥಿಗಳು ಹಾಗೂ ಐಟಿ ಉದ್ಯೋಗಿಗಳಿಗೆ ಮಾರಾಟ ಮಾಡುತ್ತಿದ್ದರು ಎಂದು ಪೊಲೀಸ್ ಆಯುಕ್ತರು ತಿಳಿಸಿದ್ದಾರೆ. ಈ ಸಂಬಂಧ ಪ್ರಕರಣ ದಾಖಲಿಸಿಕೊಂಡು ತನಿಖೆ ಮುಂದುವರಿಸಲಾಗಿದೆ.
ಮಾದಕವಸ್ತು ವಿರುದ್ಧ ಕಾರ್ಯಾಚರಣೆಯನ್ನು ತೀವ್ರಗೊಳಿಸಿರುವ ಸಿಸಿಬಿ ಪೊಲೀಸರು, ನಿಷೇಧಿತ ಡ್ರಗ್ಸ್ ಮಾರಾಟ ಜಾಲವನ್ನು ಭೇದಿಸಿ 3 ಕೋಟಿ ರೂ. ಮೌಲ್ಯದ ಎಂಡಿಎಂಎ ವಶಪಡಿಸಿಕೊಂಡಿದ್ದಾರೆ. ವಿದೇಶಿ ಪ್ರಜೆ ಸೇರಿದಂತೆ ಇಬ್ಬರನ್ನು ಬಂಧಿಸಲಾಗಿದ್ದು, ಆರೋಪಿಗಳಿಂದ ಮೊಬೈಲ್ ಫೋನ್, ತೂಕದ ಯಂತ್ರ ಹಾಗೂ ನಗದು ಜಪ್ತಿ ಮಾಡಲಾಗಿದೆ. ಆರೋಪಿಗಳು ಹೊರರಾಜ್ಯದಿಂದ ಡ್ರಗ್ಸ್ ತರಿಸಿಕೊಂಡು ಕಾಲೇಜು ವಿದ್ಯಾರ್ಥಿಗಳು ಹಾಗೂ ಐಟಿ ಉದ್ಯೋಗಿಗಳಿಗೆ ಮಾರಾಟ ಮಾಡುತ್ತಿದ್ದರು ಎಂದು ಪೊಲೀಸ್ ಆಯುಕ್ತರು ತಿಳಿಸಿದ್ದಾರೆ. ಈ ಸಂಬಂಧ ಪ್ರಕರಣ ದಾಖಲಿಸಿಕೊಂಡು ತನಿಖೆ ಮುಂದುವರಿಸಲಾಗಿದೆ.
ಮಾದಕವಸ್ತು ವಿರುದ್ಧ ಕಾರ್ಯಾಚರಣೆಯನ್ನು ತೀವ್ರಗೊಳಿಸಿರುವ ಸಿಸಿಬಿ ಪೊಲೀಸರು, ನಿಷೇಧಿತ ಡ್ರಗ್ಸ್ ಮಾರಾಟ ಜಾಲವನ್ನು ಭೇದಿಸಿ 3 ಕೋಟಿ ರೂ. ಮೌಲ್ಯದ ಎಂಡಿಎಂಎ ವಶಪಡಿಸಿಕೊಂಡಿದ್ದಾರೆ. ವಿದೇಶಿ ಪ್ರಜೆ ಸೇರಿದಂತೆ ಇಬ್ಬರನ್ನು ಬಂಧಿಸಲಾಗಿದ್ದು, ಆರೋಪಿಗಳಿಂದ ಮೊಬೈಲ್ ಫೋನ್, ತೂಕದ ಯಂತ್ರ ಹಾಗೂ ನಗದು ಜಪ್ತಿ ಮಾಡಲಾಗಿದೆ. ಆರೋಪಿಗಳು ಹೊರರಾಜ್ಯದಿಂದ ಡ್ರಗ್ಸ್ ತರಿಸಿಕೊಂಡು ಕಾಲೇಜು ವಿದ್ಯಾರ್ಥಿಗಳು ಹಾಗೂ ಐಟಿ ಉದ್ಯೋಗಿಗಳಿಗೆ ಮಾರಾಟ ಮಾಡುತ್ತಿದ್ದರು ಎಂದು ಪೊಲೀಸ್ ಆಯುಕ್ತರು ತಿಳಿಸಿದ್ದಾರೆ. ಈ ಸಂಬಂಧ ಪ್ರಕರಣ ದಾಖಲಿಸಿಕೊಂಡು ತನಿಖೆ ಮುಂದುವರಿಸಲಾಗಿದೆ.
ಚದುರಂಗದ ಕಾಲಾಳು,
ನಮ್ಮ ಬದುಕು
ಗುರಿಯನ್ನು ಮುಟ್ಟುವಲ್ಲಿ ನನಗೆ ಯಾವುದೇ ರೀತಿಯ ದುರಾಸೆ ಇಲ್ಲದಿರುವುದೇ ಗೌರವವಾಗಿದೆ. ಕಾಲಾಳು ಸದಾ ಮುಂದೆ ಸಾಗುತ್ತಾ, ಜೀವನದ ಸವಾಲುಗಳನ್ನು ಎದುರಿಸುವ ಪಾಠ ಕಲಿಸುತ್ತದೆ. ನಾವು ಕೂಡ ಜೀವನದಲ್ಲಿ ಸಣ್ಣ ಹೆಜ್ಜೆಗಳ ಮೂಲಕ ದೊಡ್ಡ ಗುರಿಯನ್ನು ತಲುಪಬಹುದು. ಎಂದು ಬದುಕಿಗೆ ಬಹು ದೊಡ್ಡ ಪಾಠವನ್ನು ಚದುರಂಗದ ಕಾಲಾಳು ನಮಗೆ ನೀಡುತ್ತದೆ. ನಿಮ್ಮ ಬದುಕು ನಿಮ್ಮ ಕೈಯಲ್ಲಿದೆ... ಏನಂತೀರಾ?
ಚದುರಂಗದಲ್ಲಿ ರಾಜ, ಮಂತ್ರಿ, ಒಂಟೆ, ಕುದುರೆ, ಆನೆ ಮತ್ತು ಸೈನಿಕ ಅಥವಾ ಕಾಲಾಳು ಎಂಬ ಕಾಯಿಗಳಿರುತ್ತವೆ. ಚದುರಂಗದ ಕಪ್ಪು ಬಿಳಿ ಚೌಕ ನೆಲಹಾಸಿನ ಪ್ರತಿ ಸಾಲಿಗೂ ಎಂಟರಂತೆ ಒಟ್ಟು ಎಂಟು ಸಾಲುಗಳ 64 ಚೌಕಗಳಲ್ಲಿ ಒಂದರ ಬಿಳಿ ಭಾಗದ ಕಾಯಿಗಳು ಇದ್ದರೆ ಮತ್ತೊಂದರ ಕಪ್ಪು ಭಾಗದ ಕಾಯಿಗಳು ಎದುರಾಗಿ ನಿಂತಿರುತ್ತವೆ. ಪ್ರತಿಯೊಂದು ಕಾಯಿಯೂ ಅದರದ್ದೇ ಆದ ನಿಯಮ ಮತ್ತು ನಡೆಯನ್ನು ಹೊಂದಿದೆ. ಈ ಆಟದಲ್ಲಿ ಅತಿ ಹೆಚ್ಚು ಸಂಖ್ಯೆಯಲ್ಲಿರುವುದು ಕಾಲಾಳುಗಳು.
ಚದುರಂಗದಾಟ ಕೇವಲ ವೈಪರೀತ್ಯಕ್ಕೂ ಎಡೆ ಮಾಡಿ ಕೊಡುತ್ತದೆ. ಕಾಲಾಳುಗಳ ಚದುರಂಗದಾಟದ ನಿಯಮಗಳಲ್ಲಿ ಹತ್ತು ಹಲವು ಬದಲಾವಣೆಗಳಾಗಿದ್ದರೂ ಪ್ರತಿಯೊಂದು ಕಾಯಿಯ ನಡೆ ಮಾತ್ರ ಹಾಗೆಯೇ ಉಳಿದುಕೊಂಡಿದೆ. ಕಾಲಾಳು ಮುಂದೆ ಮಾತ್ರ ಸಾಗುತ್ತದೆ, ಹಿಂದೆ ಸರಿಯುವುದಿಲ್ಲ. ಅಂತೆಯೇ ನಮ್ಮ ಬದುಕು ಕೂಡ ಮುಂದೆ ಸಾಗುತ್ತಲೇ ಇರಬೇಕು.
ವ್ಯಕ್ತಿತ್ವವು ಇದೆ ಎಂಬುದನ್ನು ಗೊತ್ತಿರುವುದರಿಂದ ನನ್ನ ಕುರಿತು ನಿಮಗೆ ವಿಷಯಗಳನ್ನು ಪರಿಚಯಿಸಿಕೊಳ್ಳುತ್ತೇನೆ. 'ಮಾತ್ರೆ ಚಿಕ್ಕದಾದರೂ, ಕೀರ್ತಿ ದೊಡ್ಡದು' ಎಂಬಂತಹ ಭಾವನೆ ನನ್ನ ಪುಟ್ಟ ದೇಹದಲ್ಲಿದೆ. ನಾನು ರಾಜನಿಗೂ ಕಾವಲು, ಸರಿಸಿ ನಡೆಯುವುದಿಲ್ಲ ಮತ್ತು ಮುನ್ನಡೆಯುವುದೇ ನನ್ನ ಗುರಿ.
ನಿಯಂತ್ರಿಸುವುದನ್ನು ನಾನು ಒಪ್ಪಿಕೊಂಡು ನಿರ್ವಹಿಸುತ್ತೇನೆ. ಇದು ನನ್ನ ನಿಜವಾದ ಶಕ್ತಿ. ನನ್ನಲ್ಲಿರುವ ಹುಮ್ಮಸ್ಸನ್ನು ಯಾರೂ ಕಡಿಮೆ ಅಂದಾಜಿಸಬಾರದು. ನಾನು ಕೊನೆಯ ಸಾಲಿಗೆ ತಲುಪಿದರೆ ರಾಣಿಯಾಗಿ ಬದಲಾಗಬಲ್ಲೆ. ಅಂತಿಮವಾಗಿ ಆಟ ಮುಗಿದ ಮೇಲೆ ರಾಜ ಮತ್ತು ಕಾಲಾಳು ಎಲ್ಲರೂ ಒಂದೇ ಪೆಟ್ಟಿಗೆಯಲ್ಲಿ ಸೇರುತ್ತೇವೆ.
ಚದುರಂಗದಾಟ ಕೇವಲ ವೈಪರೀತ್ಯಕ್ಕೂ ಎಡೆ ಮಾಡಿ ಕೊಡುತ್ತದೆ. ಕಾಲಾಳುಗಳ ಚದುರಂಗದಾಟದ ನಿಯಮಗಳಲ್ಲಿ ಹತ್ತು ಹಲವು ಬದಲಾವಣೆಗಳಾಗಿದ್ದರೂ ಪ್ರತಿಯೊಂದು ಕಾಯಿಯ ನಡೆ ಮಾತ್ರ ಹಾಗೆಯೇ ಉಳಿದುಕೊಂಡಿದೆ. ಕಾಲಾಳು ಮುಂದೆ ಮಾತ್ರ ಸಾಗುತ್ತದೆ, ಹಿಂದೆ ಸರಿಯುವುದಿಲ್ಲ. ಅಂತೆಯೇ ನಮ್ಮ ಬದುಕು ಕೂಡ ಮುಂದೆ ಸಾಗುತ್ತಲೇ ಇರಬೇಕು.
ಗುರಿಯನ್ನು ಮುಟ್ಟುವಲ್ಲಿ ನನಗೆ ಯಾವುದೇ ರೀತಿಯ ದುರಾಸೆ ಇಲ್ಲದಿರುವುದೇ ಗೌರವವಾಗಿದೆ. ಕಾಲಾಳು ಸದಾ ಮುಂದೆ ಸಾಗುತ್ತಾ, ಜೀವನದ ಸವಾಲುಗಳನ್ನು ಎದುರಿಸುವ ಪಾಠ ಕಲಿಸುತ್ತದೆ. ನಾವು ಕೂಡ ಜೀವನದಲ್ಲಿ ಸಣ್ಣ ಹೆಜ್ಜೆಗಳ ಮೂಲಕ ದೊಡ್ಡ ಗುರಿಯನ್ನು ತಲುಪಬಹುದು. ಎಂದು ಬದುಕಿಗೆ ಬಹು ದೊಡ್ಡ ಪಾಠವನ್ನು ಚದುರಂಗದ ಕಾಲಾಳು ನಮಗೆ ನೀಡುತ್ತದೆ. ನಿಮ್ಮ ಬದುಕು ನಿಮ್ಮ ಕೈಯಲ್ಲಿದೆ... ಏನಂತೀರಾ?
ವಿಜಯಾ ಹೇಮಂತ್ ಗೌಡ
ಹಾಸನ್
ಮಂಡ್ಯಾಗ್ ಗಡ್

Published by Mihir Akash K.R Printed by M.S.Shivaprakash on behalf of Mihir Akash K.R. Printed at M.S. Shivaprakash, IDEAL OFFSET PRINTERS, #337, SLJ Temple Street, Old Town

Mandya Dist-571401, Karnataka. Published from Mihir Akash K.R, #78, Daya Marga Near Geetha School, Siddartha Nagar Mysore-570011, Editor K.N Ravi,
